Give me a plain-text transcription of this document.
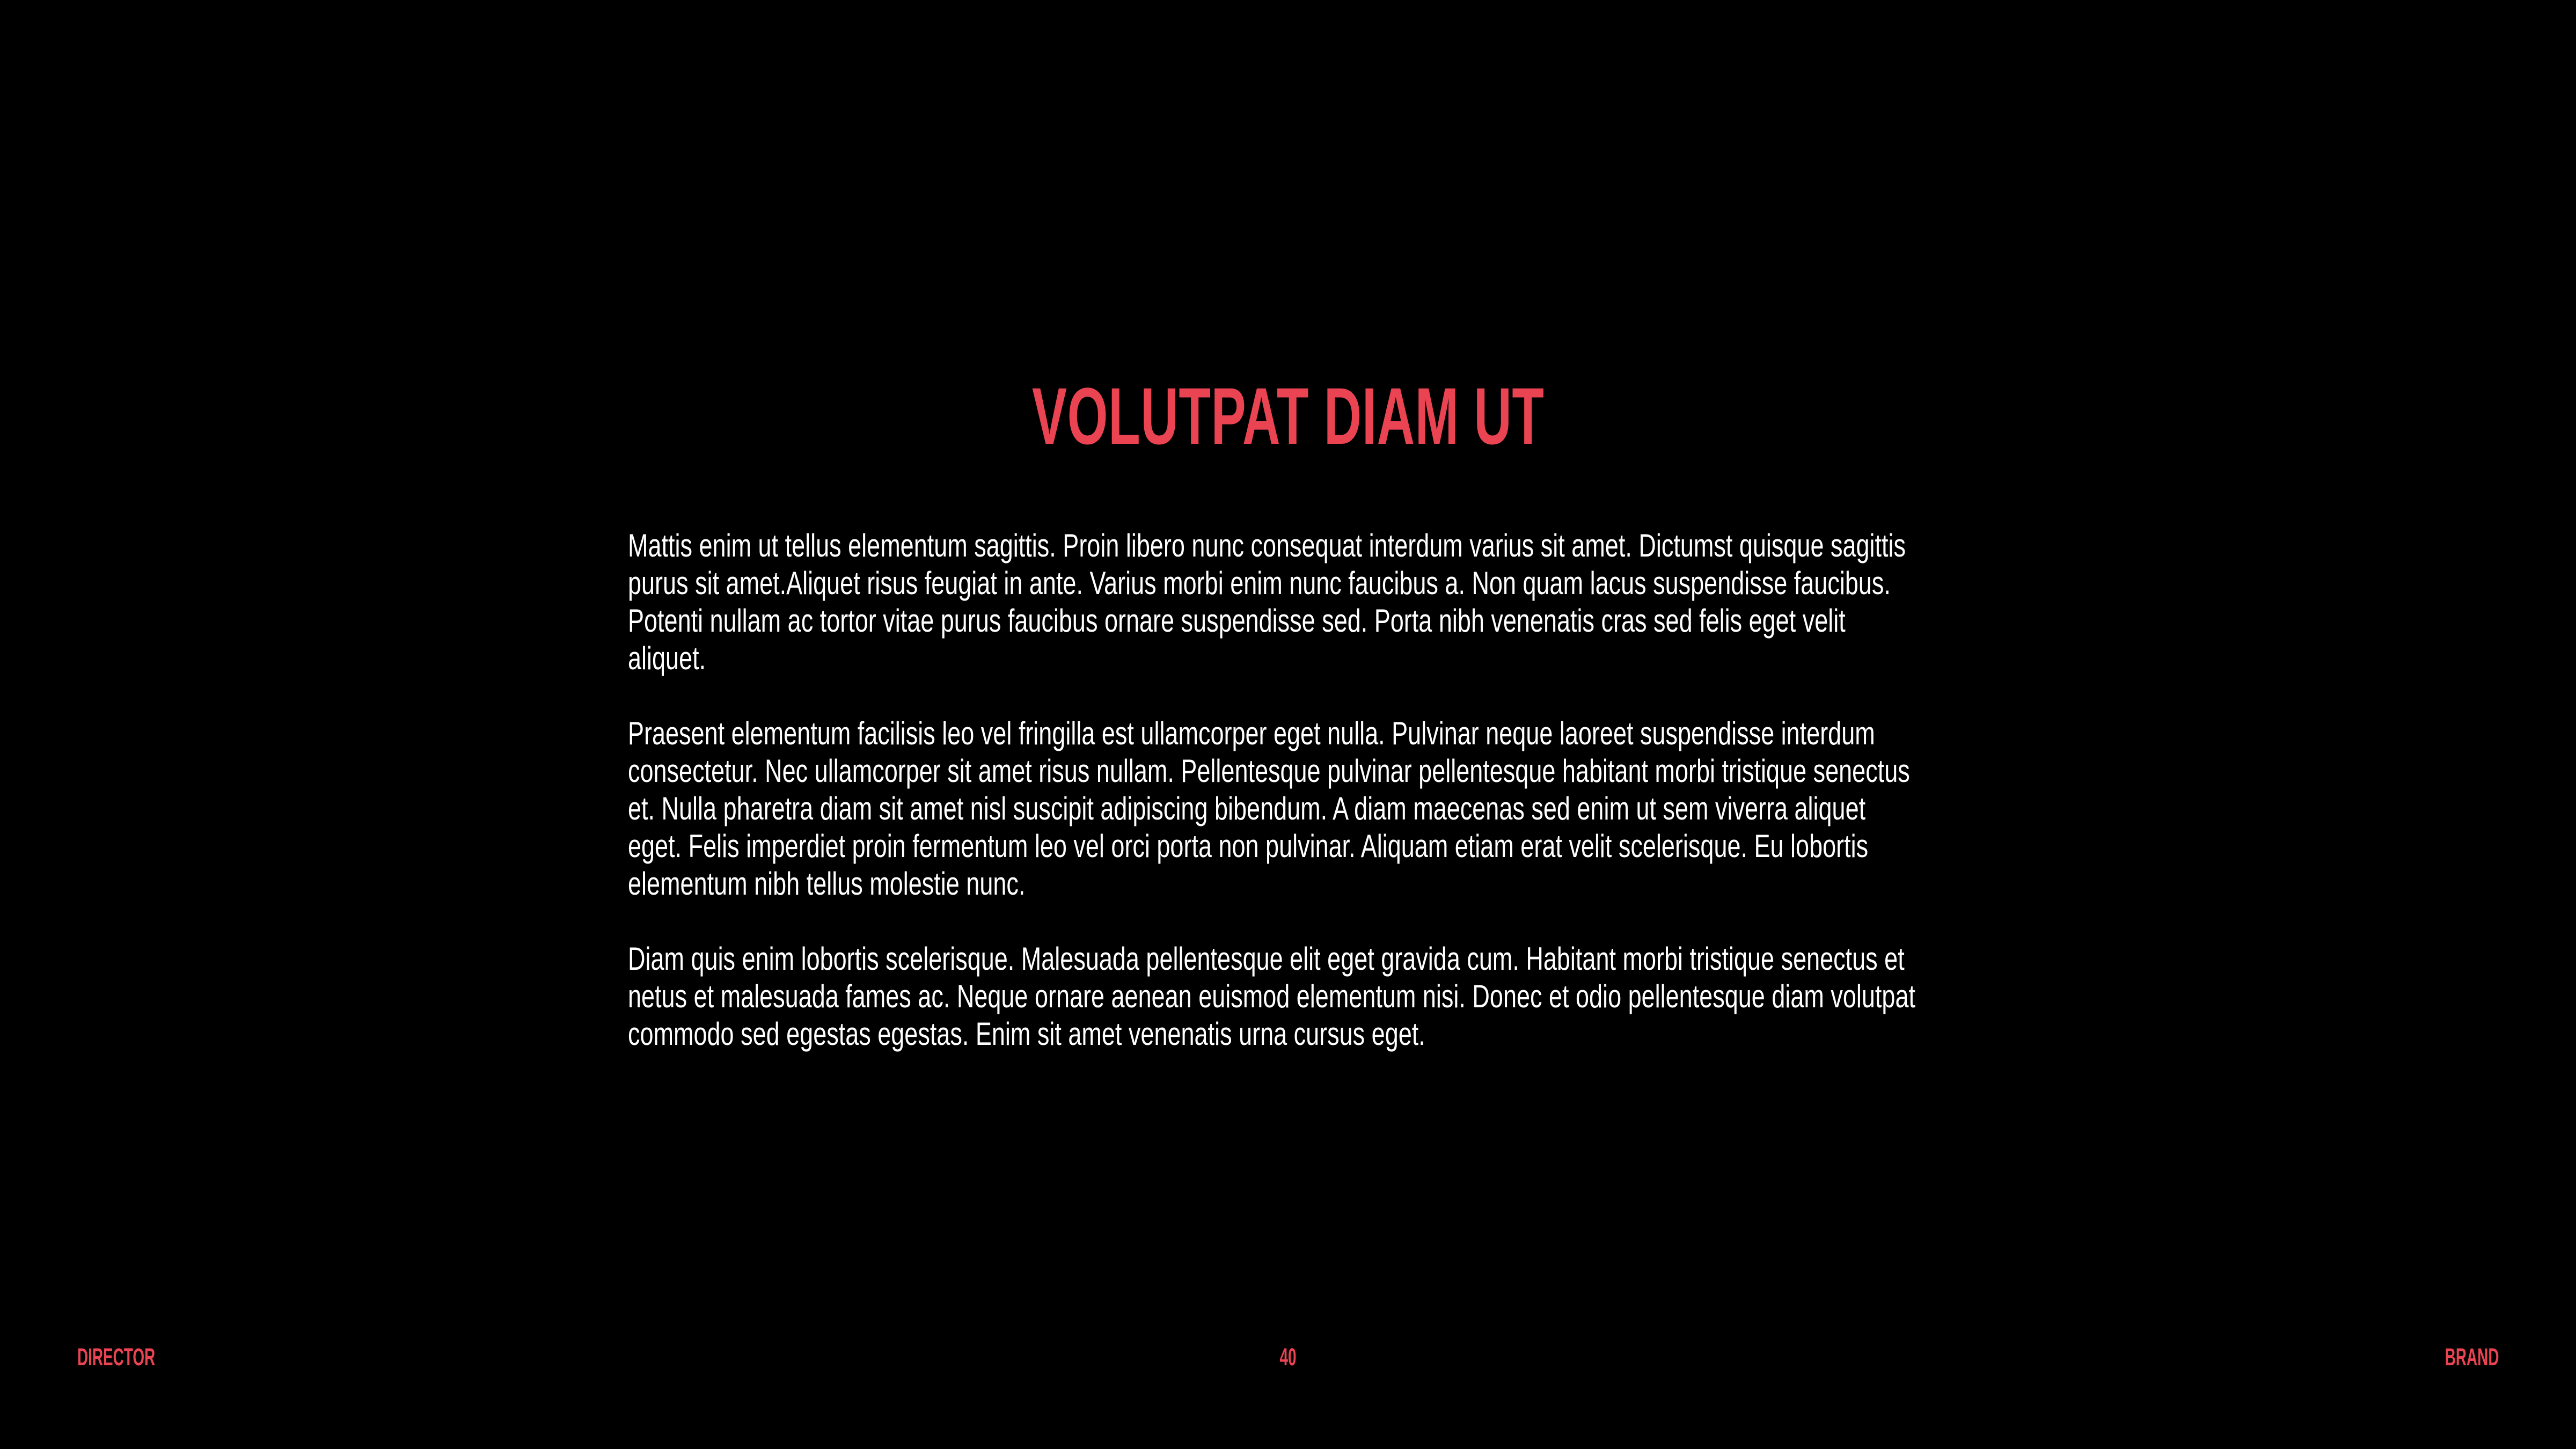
VOLUTPAT DIAM UT

Mattis enim ut tellus elementum sagittis. Proin libero nunc consequat interdum varius sit amet. Dictumst quisque sagittis purus sit amet.Aliquet risus feugiat in ante. Varius morbi enim nunc faucibus a. Non quam lacus suspendisse faucibus. Potenti nullam ac tortor vitae purus faucibus ornare suspendisse sed. Porta nibh venenatis cras sed felis eget velit aliquet.

Praesent elementum facilisis leo vel fringilla est ullamcorper eget nulla. Pulvinar neque laoreet suspendisse interdum consectetur. Nec ullamcorper sit amet risus nullam. Pellentesque pulvinar pellentesque habitant morbi tristique senectus et. Nulla pharetra diam sit amet nisl suscipit adipiscing bibendum. A diam maecenas sed enim ut sem viverra aliquet eget. Felis imperdiet proin fermentum leo vel orci porta non pulvinar. Aliquam etiam erat velit scelerisque. Eu lobortis elementum nibh tellus molestie nunc.

Diam quis enim lobortis scelerisque. Malesuada pellentesque elit eget gravida cum. Habitant morbi tristique senectus et netus et malesuada fames ac. Neque ornare aenean euismod elementum nisi. Donec et odio pellentesque diam volutpat commodo sed egestas egestas. Enim sit amet venenatis urna cursus eget.

DIRECTOR	40	BRAND
